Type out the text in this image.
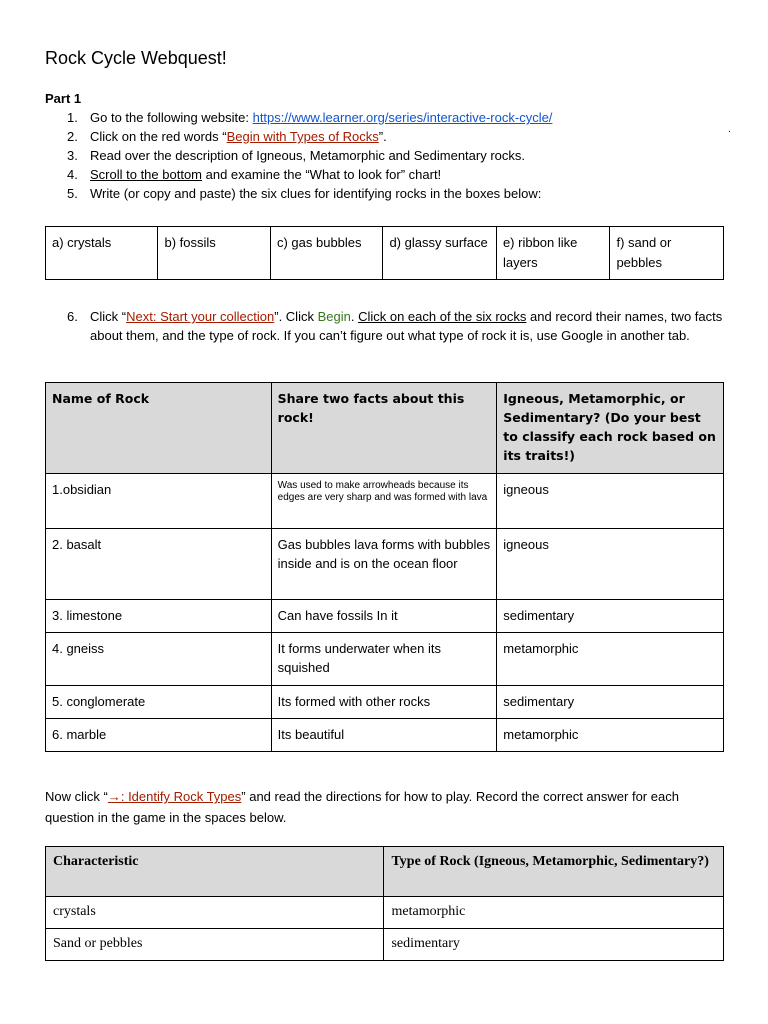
Rock Cycle Webquest!
Part 1
1. Go to the following website: https://www.learner.org/series/interactive-rock-cycle/
2. Click on the red words “Begin with Types of Rocks”.
3. Read over the description of Igneous, Metamorphic and Sedimentary rocks.
4. Scroll to the bottom and examine the “What to look for” chart!
5. Write (or copy and paste) the six clues for identifying rocks in the boxes below:
.
a) crystals	b) fossils	c) gas bubbles	d) glassy surface	e) ribbon like layers	f) sand or pebbles
6. Click “Next: Start your collection”. Click Begin. Click on each of the six rocks and record their names, two facts about them, and the type of rock. If you can’t figure out what type of rock it is, use Google in another tab.
Name of Rock	Share two facts about this rock!	Igneous, Metamorphic, or Sedimentary? (Do your best to classify each rock based on its traits!)
1.obsidian	Was used to make arrowheads because its edges are very sharp and was formed with lava	igneous
2. basalt	Gas bubbles lava forms with bubbles inside and is on the ocean floor	igneous
3. limestone	Can have fossils In it	sedimentary
4. gneiss	It forms underwater when its squished	metamorphic
5. conglomerate	Its formed with other rocks	sedimentary
6. marble	Its beautiful	metamorphic
Now click “→: Identify Rock Types” and read the directions for how to play. Record the correct answer for each question in the game in the spaces below.
Characteristic	Type of Rock (Igneous, Metamorphic, Sedimentary?)
crystals	metamorphic
Sand or pebbles	sedimentary
